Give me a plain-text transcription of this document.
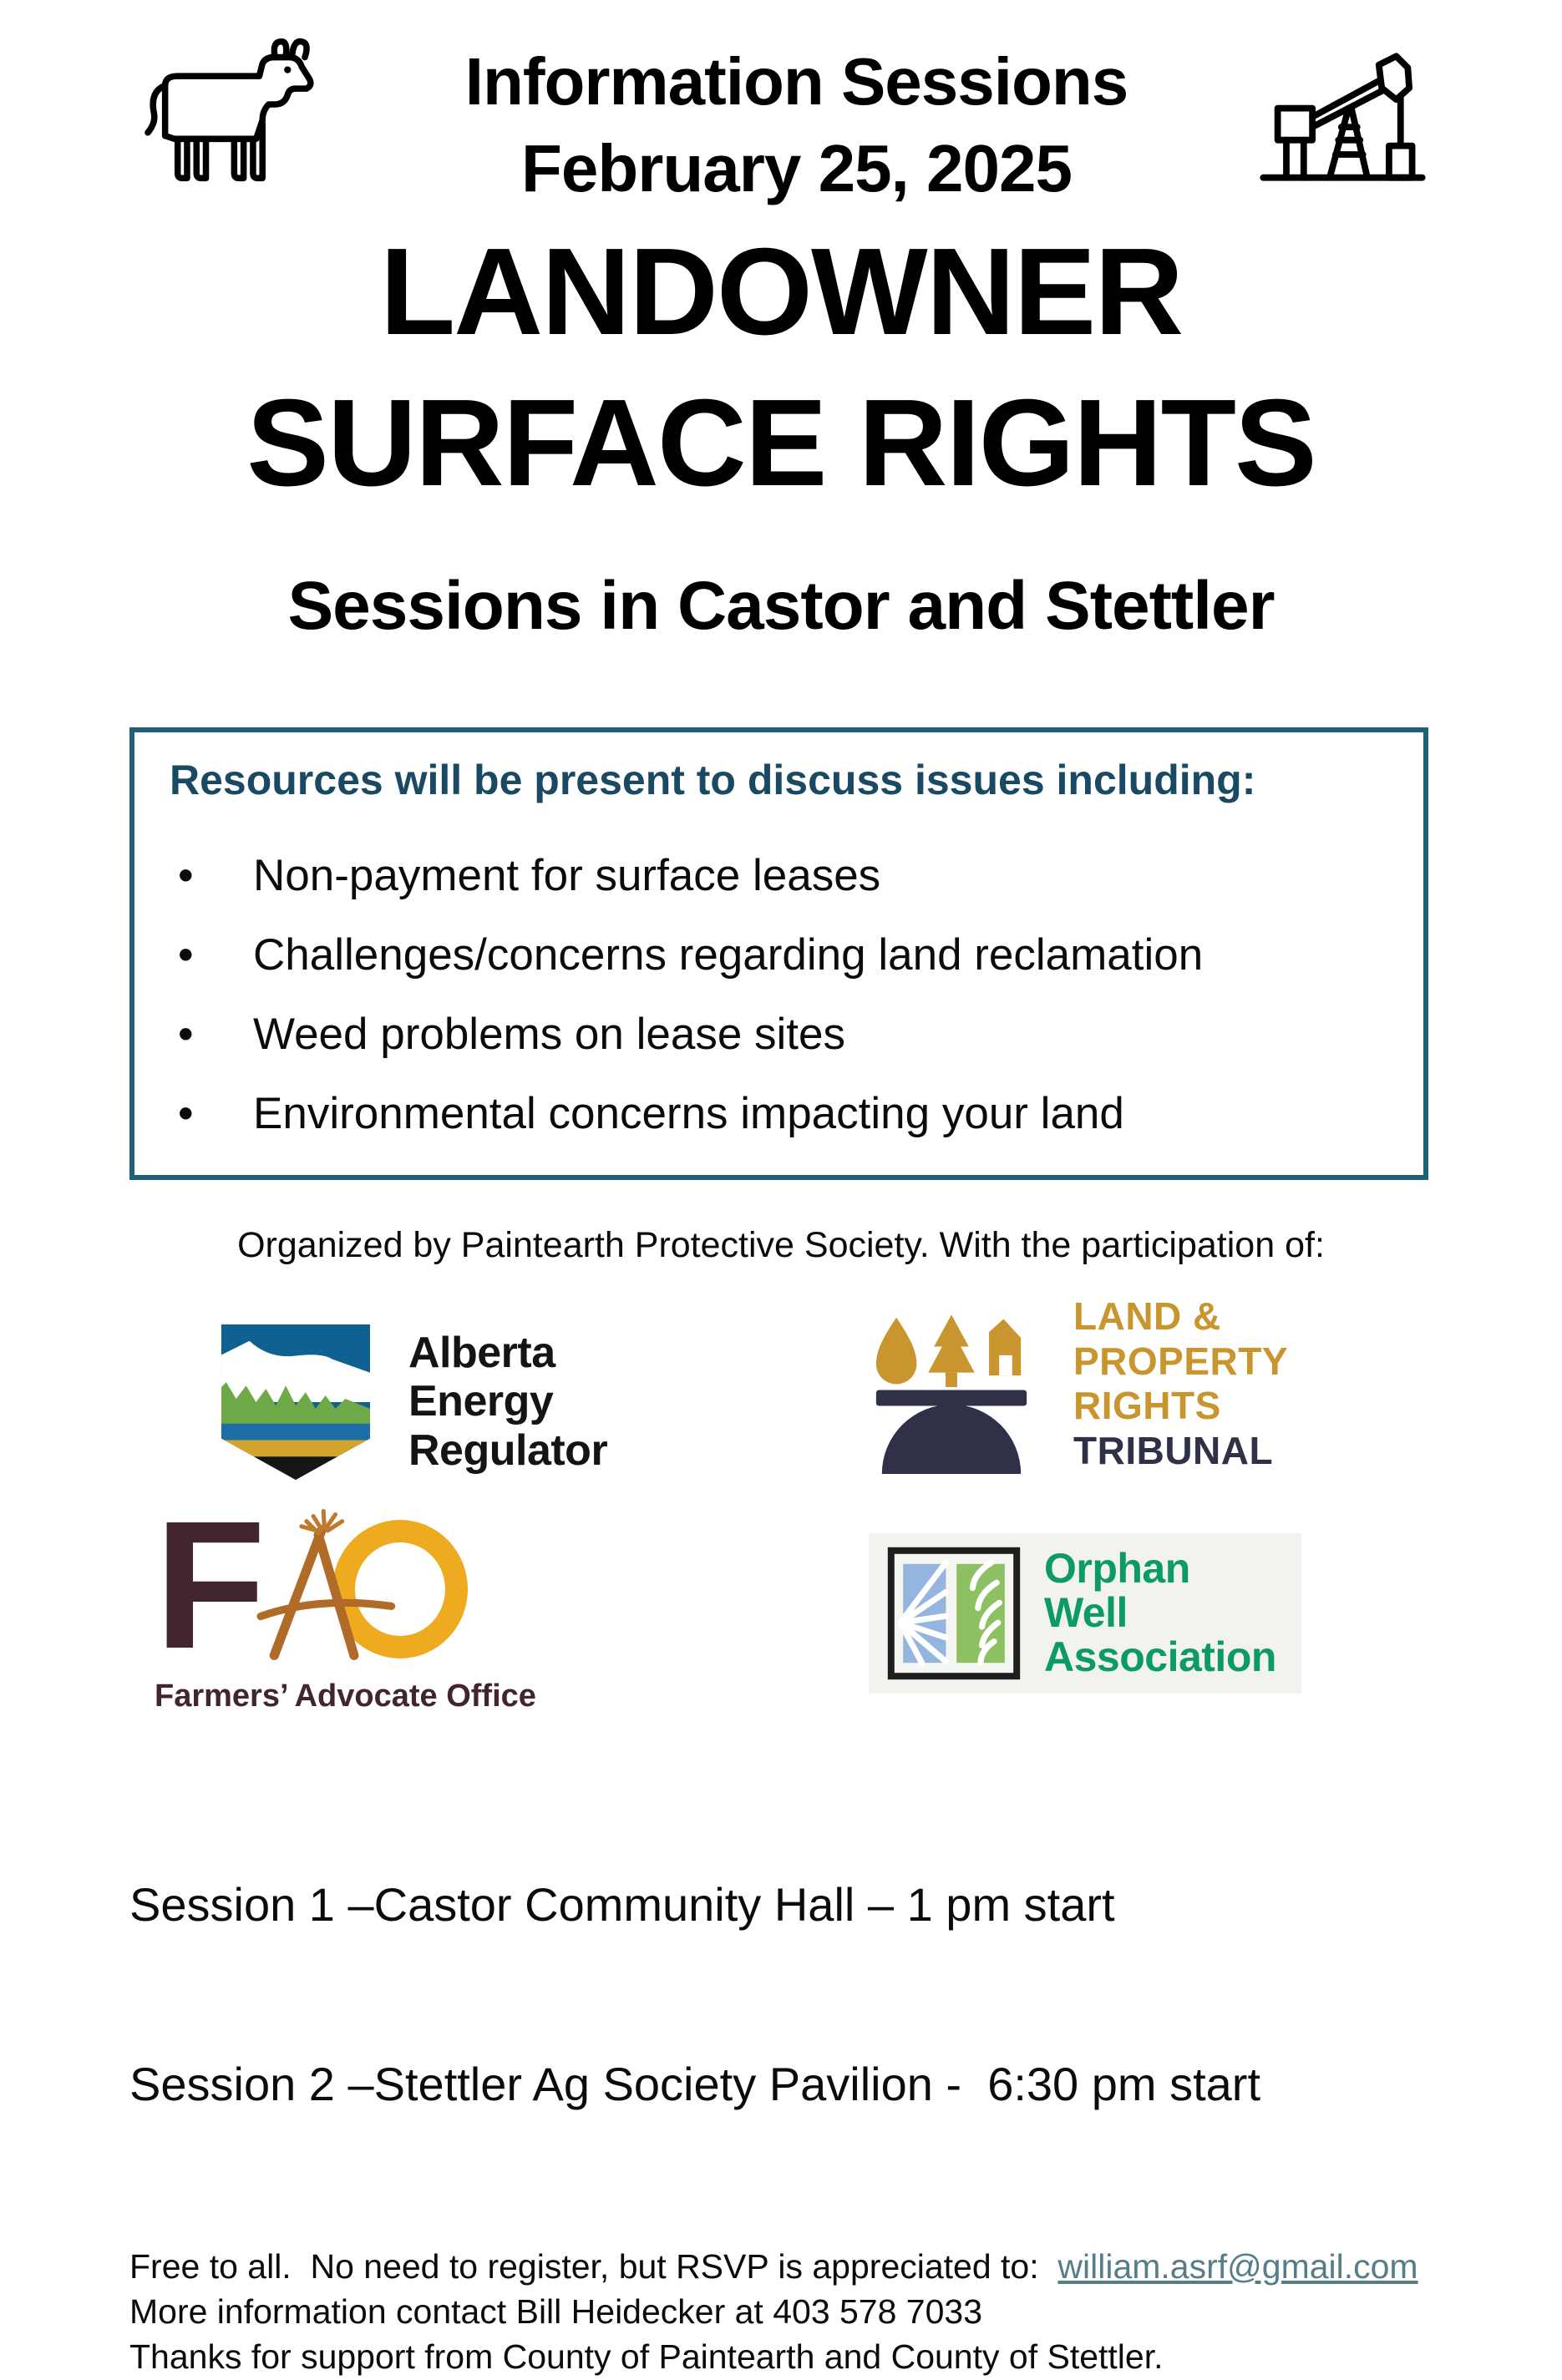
Information Sessions
February 25, 2025
LANDOWNER
SURFACE RIGHTS
Sessions in Castor and Stettler
Resources will be present to discuss issues including:
•	Non-payment for surface leases
•	Challenges/concerns regarding land reclamation
•	Weed problems on lease sites
•	Environmental concerns impacting your land
Organized by Paintearth Protective Society. With the participation of:
Alberta
Energy
Regulator
LAND &
PROPERTY
RIGHTS
TRIBUNAL
F
Farmers’ Advocate Office
Orphan
Well
Association

Session 1 –Castor Community Hall – 1 pm start

Session 2 –Stettler Ag Society Pavilion -  6:30 pm start

Free to all.  No need to register, but RSVP is appreciated to:  william.asrf@gmail.com
More information contact Bill Heidecker at 403 578 7033
Thanks for support from County of Paintearth and County of Stettler.
